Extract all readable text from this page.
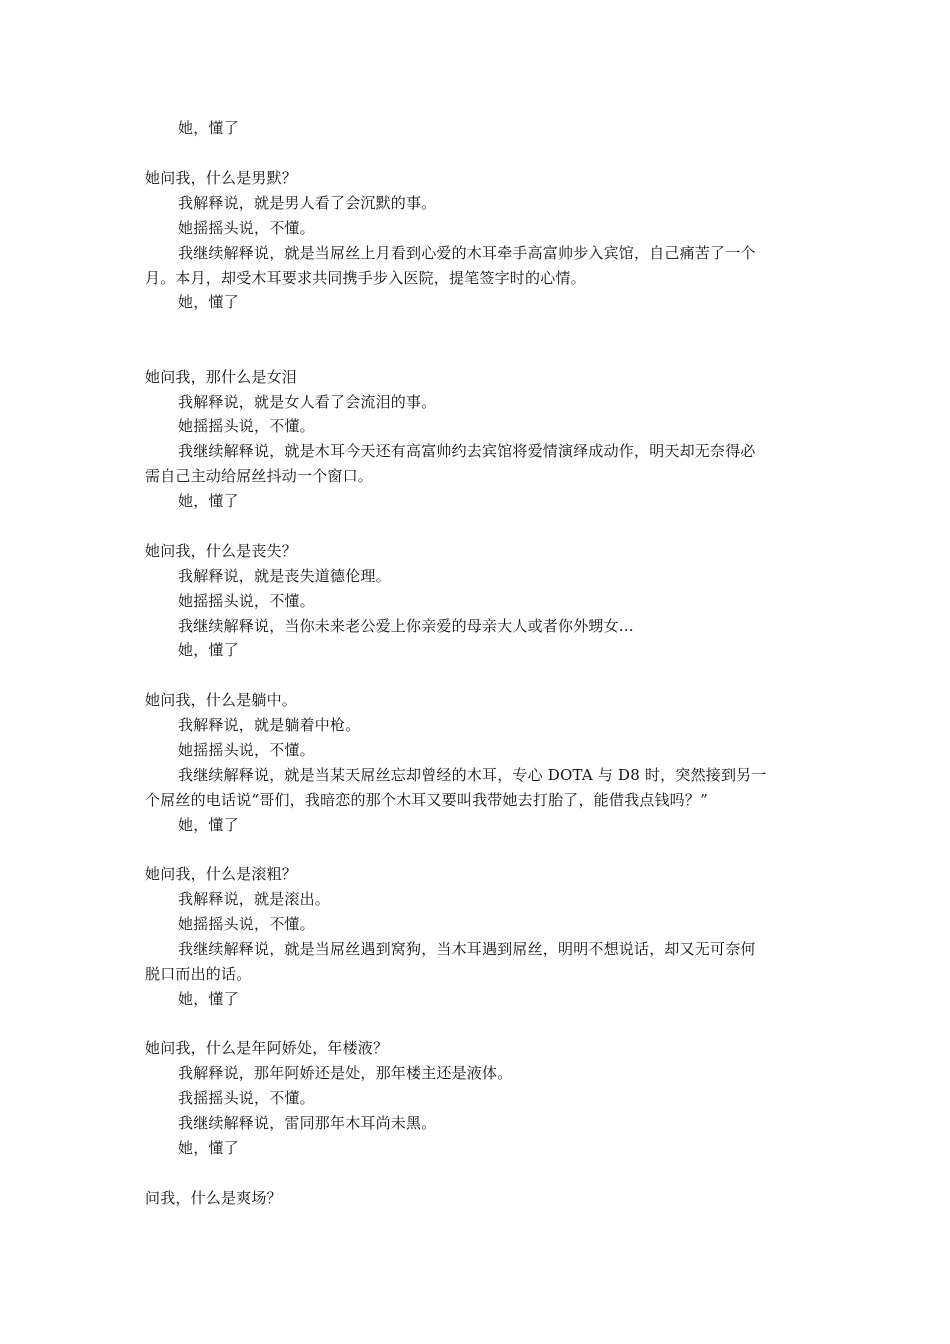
她，懂了
她问我，什么是男默？
我解释说，就是男人看了会沉默的事。
她摇摇头说，不懂。
我继续解释说，就是当屌丝上月看到心爱的木耳牵手高富帅步入宾馆，自己痛苦了一个
月。本月，却受木耳要求共同携手步入医院，提笔签字时的心情。
她，懂了
她问我，那什么是女泪
我解释说，就是女人看了会流泪的事。
她摇摇头说，不懂。
我继续解释说，就是木耳今天还有高富帅约去宾馆将爱情演绎成动作，明天却无奈得必
需自己主动给屌丝抖动一个窗口。
她，懂了
她问我，什么是丧失？
我解释说，就是丧失道德伦理。
她摇摇头说，不懂。
我继续解释说，当你未来老公爱上你亲爱的母亲大人或者你外甥女…
她，懂了
她问我，什么是躺中。
我解释说，就是躺着中枪。
她摇摇头说，不懂。
我继续解释说，就是当某天屌丝忘却曾经的木耳，专心 DOTA 与 D8 时，突然接到另一
个屌丝的电话说“哥们，我暗恋的那个木耳又要叫我带她去打胎了，能借我点钱吗？”
她，懂了
她问我，什么是滚粗？
我解释说，就是滚出。
她摇摇头说，不懂。
我继续解释说，就是当屌丝遇到窝狗，当木耳遇到屌丝，明明不想说话，却又无可奈何
脱口而出的话。
她，懂了
她问我，什么是年阿娇处，年楼液？
我解释说，那年阿娇还是处，那年楼主还是液体。
我摇摇头说，不懂。
我继续解释说，雷同那年木耳尚未黑。
她，懂了
问我，什么是爽场？
